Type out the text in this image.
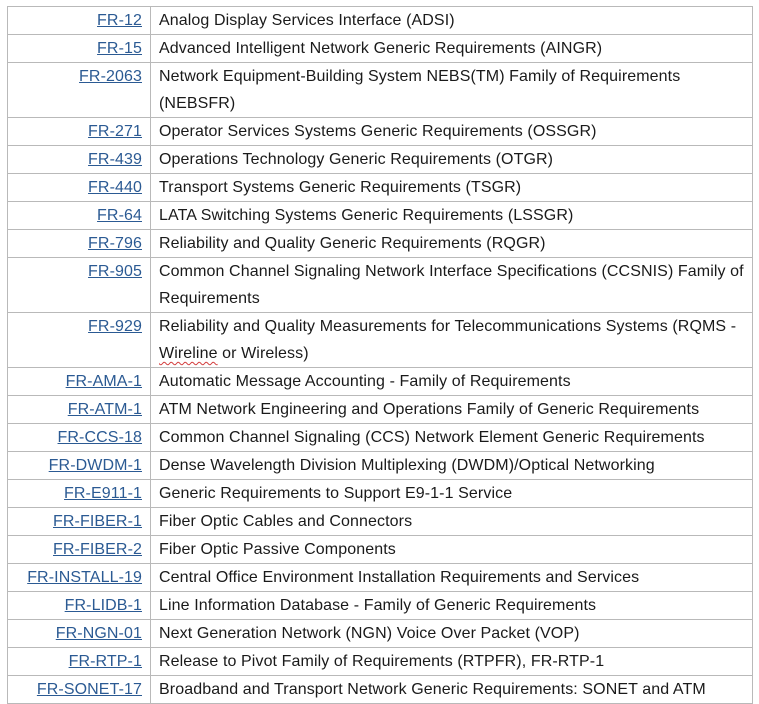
FR-12	Analog Display Services Interface (ADSI)
FR-15	Advanced Intelligent Network Generic Requirements (AINGR)
FR-2063	Network Equipment-Building System NEBS(TM) Family of Requirements (NEBSFR)
FR-271	Operator Services Systems Generic Requirements (OSSGR)
FR-439	Operations Technology Generic Requirements (OTGR)
FR-440	Transport Systems Generic Requirements (TSGR)
FR-64	LATA Switching Systems Generic Requirements (LSSGR)
FR-796	Reliability and Quality Generic Requirements (RQGR)
FR-905	Common Channel Signaling Network Interface Specifications (CCSNIS) Family of Requirements
FR-929	Reliability and Quality Measurements for Telecommunications Systems (RQMS - Wireline or Wireless)
FR-AMA-1	Automatic Message Accounting - Family of Requirements
FR-ATM-1	ATM Network Engineering and Operations Family of Generic Requirements
FR-CCS-18	Common Channel Signaling (CCS) Network Element Generic Requirements
FR-DWDM-1	Dense Wavelength Division Multiplexing (DWDM)/Optical Networking
FR-E911-1	Generic Requirements to Support E9-1-1 Service
FR-FIBER-1	Fiber Optic Cables and Connectors
FR-FIBER-2	Fiber Optic Passive Components
FR-INSTALL-19	Central Office Environment Installation Requirements and Services
FR-LIDB-1	Line Information Database - Family of Generic Requirements
FR-NGN-01	Next Generation Network (NGN) Voice Over Packet (VOP)
FR-RTP-1	Release to Pivot Family of Requirements (RTPFR), FR-RTP-1
FR-SONET-17	Broadband and Transport Network Generic Requirements: SONET and ATM
